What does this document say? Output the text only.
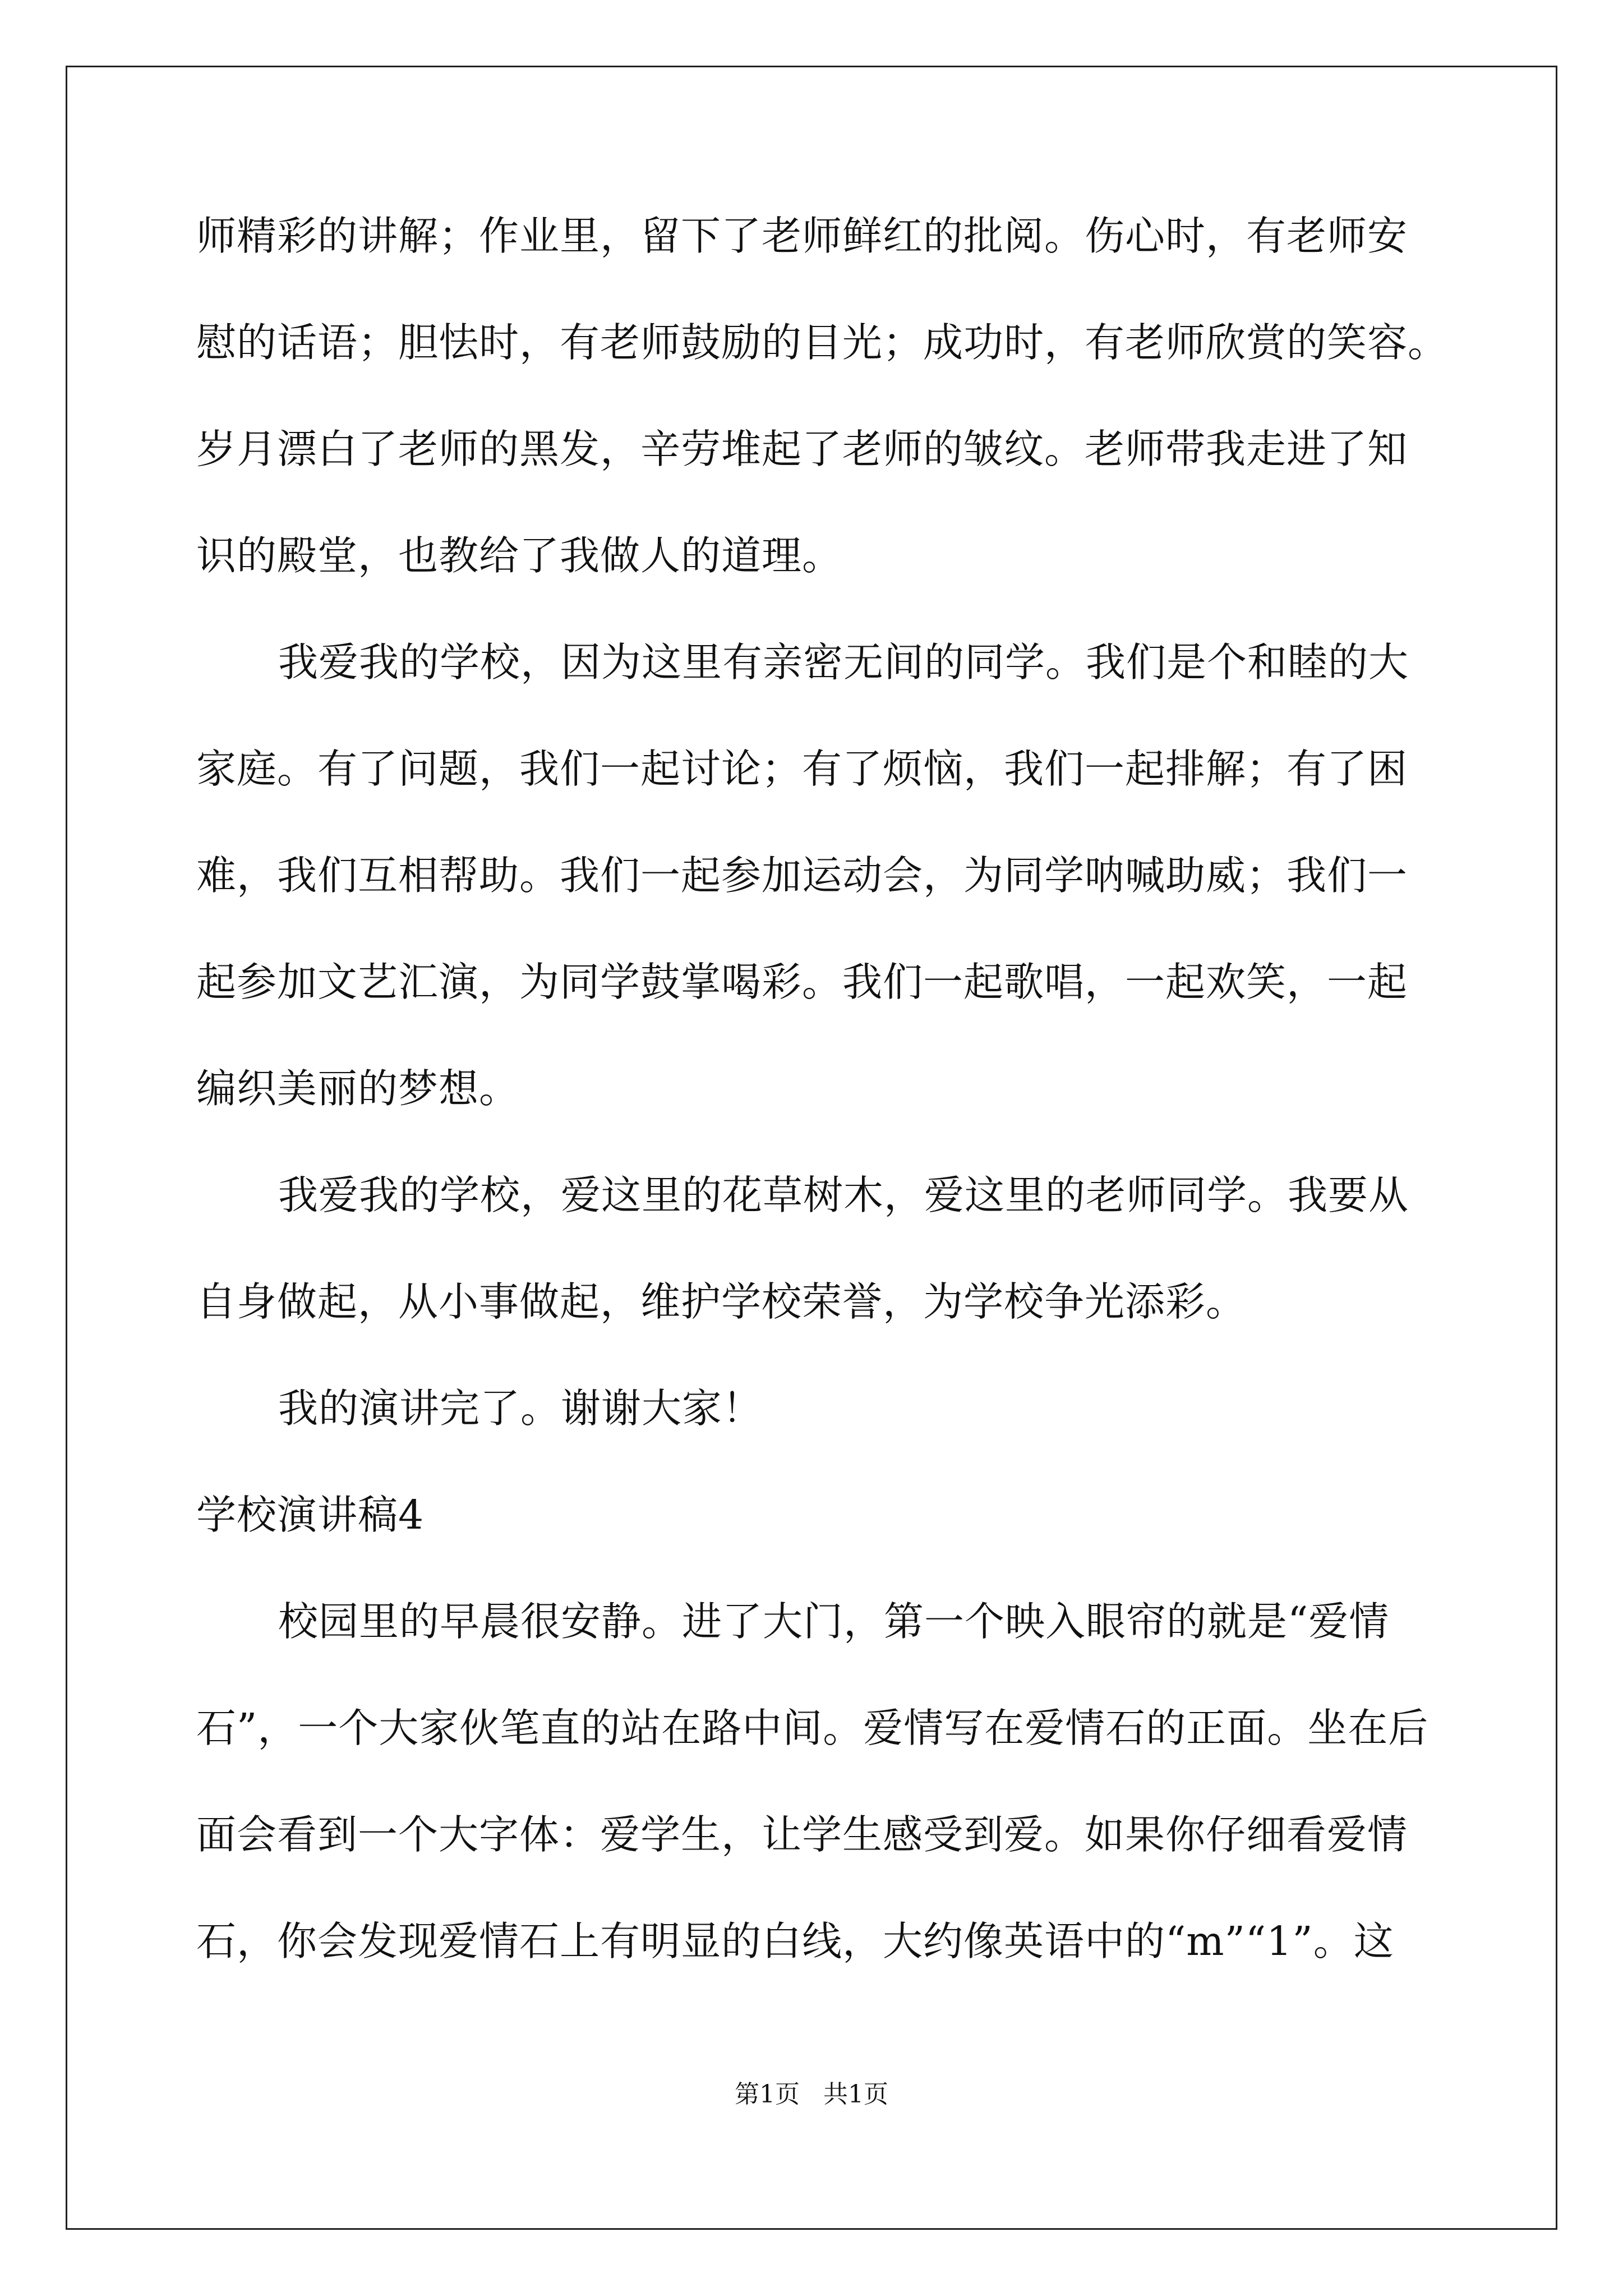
师精彩的讲解；作业里，留下了老师鲜红的批阅。伤心时，有老师安
慰的话语；胆怯时，有老师鼓励的目光；成功时，有老师欣赏的笑容。
岁月漂白了老师的黑发，辛劳堆起了老师的皱纹。老师带我走进了知
识的殿堂，也教给了我做人的道理。
我爱我的学校，因为这里有亲密无间的同学。我们是个和睦的大
家庭。有了问题，我们一起讨论；有了烦恼，我们一起排解；有了困
难，我们互相帮助。我们一起参加运动会，为同学呐喊助威；我们一
起参加文艺汇演，为同学鼓掌喝彩。我们一起歌唱，一起欢笑，一起
编织美丽的梦想。
我爱我的学校，爱这里的花草树木，爱这里的老师同学。我要从
自身做起，从小事做起，维护学校荣誉，为学校争光添彩。
我的演讲完了。谢谢大家！
学校演讲稿4
校园里的早晨很安静。进了大门，第一个映入眼帘的就是“爱情
石”，一个大家伙笔直的站在路中间。爱情写在爱情石的正面。坐在后
面会看到一个大字体：爱学生，让学生感受到爱。如果你仔细看爱情
石，你会发现爱情石上有明显的白线，大约像英语中的“m”“1”。这
第1页   共1页
